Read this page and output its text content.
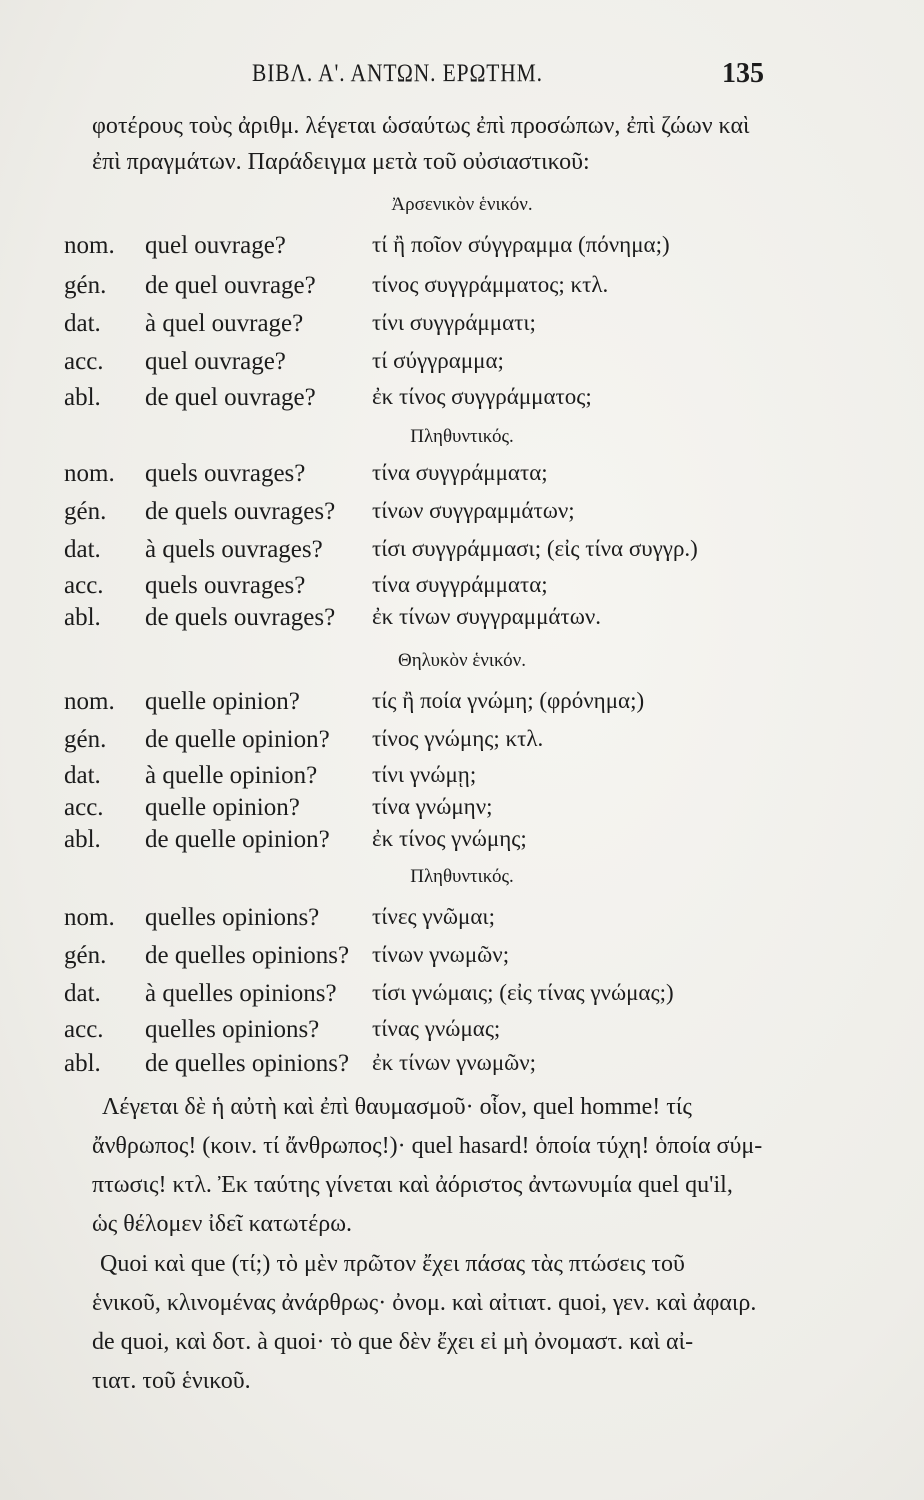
ΒΙΒΛ. Α'. ΑΝΤΩΝ. ΕΡΩΤΗΜ.	135
φοτέρους τοὺς ἀριθμ. λέγεται ὡσαύτως ἐπὶ προσώπων, ἐπὶ ζώων καὶ
ἐπὶ πραγμάτων. Παράδειγμα μετὰ τοῦ οὐσιαστικοῦ:
Ἀρσενικὸν ἑνικόν.
nom. quel ouvrage?	τί ἢ ποῖον σύγγραμμα (πόνημα;)
gén. de quel ouvrage? τίνος συγγράμματος; κτλ.
dat. à quel ouvrage?	τίνι συγγράμματι;
acc. quel ouvrage?	τί σύγγραμμα;
abl. de quel ouvrage? ἐκ τίνος συγγράμματος;
Πληθυντικός.
nom. quels ouvrages?	τίνα συγγράμματα;
gén. de quels ouvrages? τίνων συγγραμμάτων;
dat. à quels ouvrages? τίσι συγγράμμασι; (εἰς τίνα συγγρ.)
acc. quels ouvrages?	τίνα συγγράμματα;
abl. de quels ouvrages? ἐκ τίνων συγγραμμάτων.
Θηλυκὸν ἑνικόν.
nom. quelle opinion?	τίς ἢ ποία γνώμη; (φρόνημα;)
gén. de quelle opinion? τίνος γνώμης; κτλ.
dat. à quelle opinion? τίνι γνώμῃ;
acc. quelle opinion?	τίνα γνώμην;
abl. de quelle opinion? ἐκ τίνος γνώμης;
Πληθυντικός.
nom. quelles opinions? τίνες γνῶμαι;
gén. de quelles opinions? τίνων γνωμῶν;
dat. à quelles opinions? τίσι γνώμαις; (εἰς τίνας γνώμας;)
acc. quelles opinions? τίνας γνώμας;
abl. de quelles opinions? ἐκ τίνων γνωμῶν;
Λέγεται δὲ ἡ αὐτὴ καὶ ἐπὶ θαυμασμοῦ· οἷον, quel homme! τίς
ἄνθρωπος! (κοιν. τί ἄνθρωπος!)· quel hasard! ὁποία τύχη! ὁποία σύμ-
πτωσις! κτλ. Ἐκ ταύτης γίνεται καὶ ἀόριστος ἀντωνυμία quel qu'il,
ὡς θέλομεν ἰδεῖ κατωτέρω.
Quoi καὶ que (τί;) τὸ μὲν πρῶτον ἔχει πάσας τὰς πτώσεις τοῦ
ἑνικοῦ, κλινομένας ἀνάρθρως· ὀνομ. καὶ αἰτιατ. quoi, γεν. καὶ ἀφαιρ.
de quoi, καὶ δοτ. à quoi· τὸ que δὲν ἔχει εἰ μὴ ὀνομαστ. καὶ αἰ-
τιατ. τοῦ ἑνικοῦ.
